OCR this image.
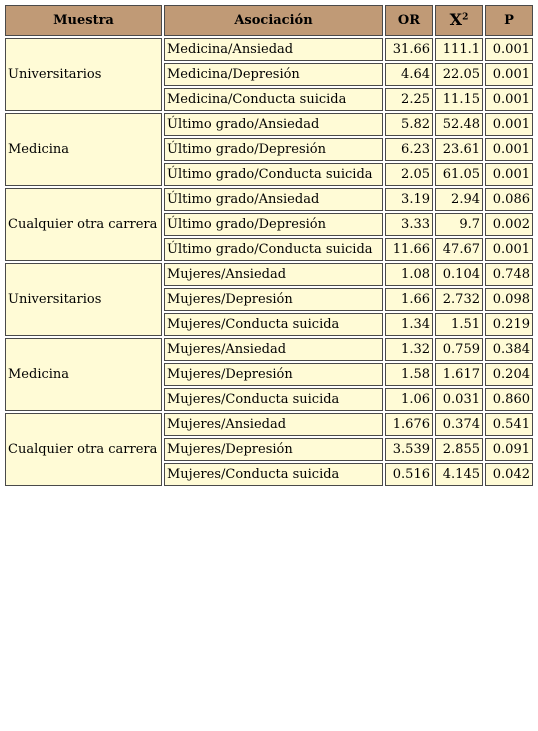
Muestra	Asociación	OR	$X^2$	P
Universitarios	Medicina/Ansiedad	31.66	111.1	0.001
	Medicina/Depresión	4.64	22.05	0.001
	Medicina/Conducta suicida	2.25	11.15	0.001
Medicina	Último grado/Ansiedad	5.82	52.48	0.001
	Último grado/Depresión	6.23	23.61	0.001
	Último grado/Conducta suicida	2.05	61.05	0.001
Cualquier otra carrera	Último grado/Ansiedad	3.19	2.94	0.086
	Último grado/Depresión	3.33	9.7	0.002
	Último grado/Conducta suicida	11.66	47.67	0.001
Universitarios	Mujeres/Ansiedad	1.08	0.104	0.748
	Mujeres/Depresión	1.66	2.732	0.098
	Mujeres/Conducta suicida	1.34	1.51	0.219
Medicina	Mujeres/Ansiedad	1.32	0.759	0.384
	Mujeres/Depresión	1.58	1.617	0.204
	Mujeres/Conducta suicida	1.06	0.031	0.860
Cualquier otra carrera	Mujeres/Ansiedad	1.676	0.374	0.541
	Mujeres/Depresión	3.539	2.855	0.091
	Mujeres/Conducta suicida	0.516	4.145	0.042
